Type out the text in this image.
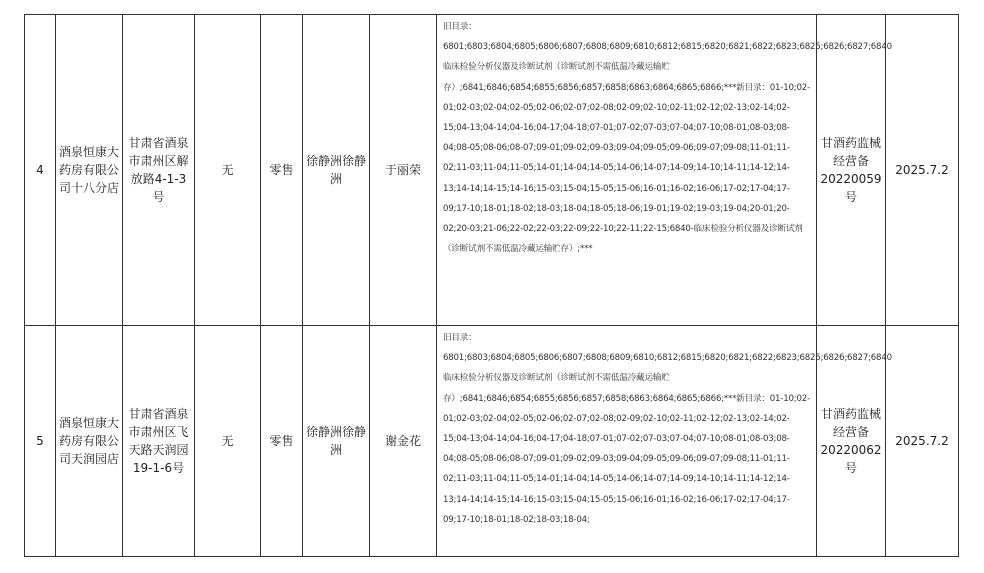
4	酒泉恒康大药房有限公司十八分店	甘肃省酒泉市肃州区解放路4-1-3号	无	零售	徐静洲徐静洲	于丽荣	旧目录：6801;6803;6804;6805;6806;6807;6808;6809;6810;6812;6815;6820;6821;6822;6823;6825;6826;6827;6840 临床检验分析仪器及诊断试剂（诊断试剂不需低温冷藏运输贮存）;6841;6846;6854;6855;6856;6857;6858;6863;6864;6865;6866;***新目录：01-10;02-01;02-03;02-04;02-05;02-06;02-07;02-08;02-09;02-10;02-11;02-12;02-13;02-14;02-15;04-13;04-14;04-16;04-17;04-18;07-01;07-02;07-03;07-04;07-10;08-01;08-03;08-04;08-05;08-06;08-07;09-01;09-02;09-03;09-04;09-05;09-06;09-07;09-08;11-01;11-02;11-03;11-04;11-05;14-01;14-04;14-05;14-06;14-07;14-09;14-10;14-11;14-12;14-13;14-14;14-15;14-16;15-03;15-04;15-05;15-06;16-01;16-02;16-06;17-02;17-04;17-09;17-10;18-01;18-02;18-03;18-04;18-05;18-06;19-01;19-02;19-03;19-04;20-01;20-02;20-03;21-06;22-02;22-03;22-09;22-10;22-11;22-15;6840-临床检验分析仪器及诊断试剂（诊断试剂不需低温冷藏运输贮存）;***	甘酒药监械经营备20220059号	2025.7.2
5	酒泉恒康大药房有限公司天润园店	甘肃省酒泉市肃州区飞天路天润园19-1-6号	无	零售	徐静洲徐静洲	谢金花	旧目录：6801;6803;6804;6805;6806;6807;6808;6809;6810;6812;6815;6820;6821;6822;6823;6825;6826;6827;6840 临床检验分析仪器及诊断试剂（诊断试剂不需低温冷藏运输贮存）;6841;6846;6854;6855;6856;6857;6858;6863;6864;6865;6866;***新目录：01-10;02-01;02-03;02-04;02-05;02-06;02-07;02-08;02-09;02-10;02-11;02-12;02-13;02-14;02-15;04-13;04-14;04-16;04-17;04-18;07-01;07-02;07-03;07-04;07-10;08-01;08-03;08-04;08-05;08-06;08-07;09-01;09-02;09-03;09-04;09-05;09-06;09-07;09-08;11-01;11-02;11-03;11-04;11-05;14-01;14-04;14-05;14-06;14-07;14-09;14-10;14-11;14-12;14-13;14-14;14-15;14-16;15-03;15-04;15-05;15-06;16-01;16-02;16-06;17-02;17-04;17-09;17-10;18-01;18-02;18-03;18-04;	甘酒药监械经营备20220062号	2025.7.2
